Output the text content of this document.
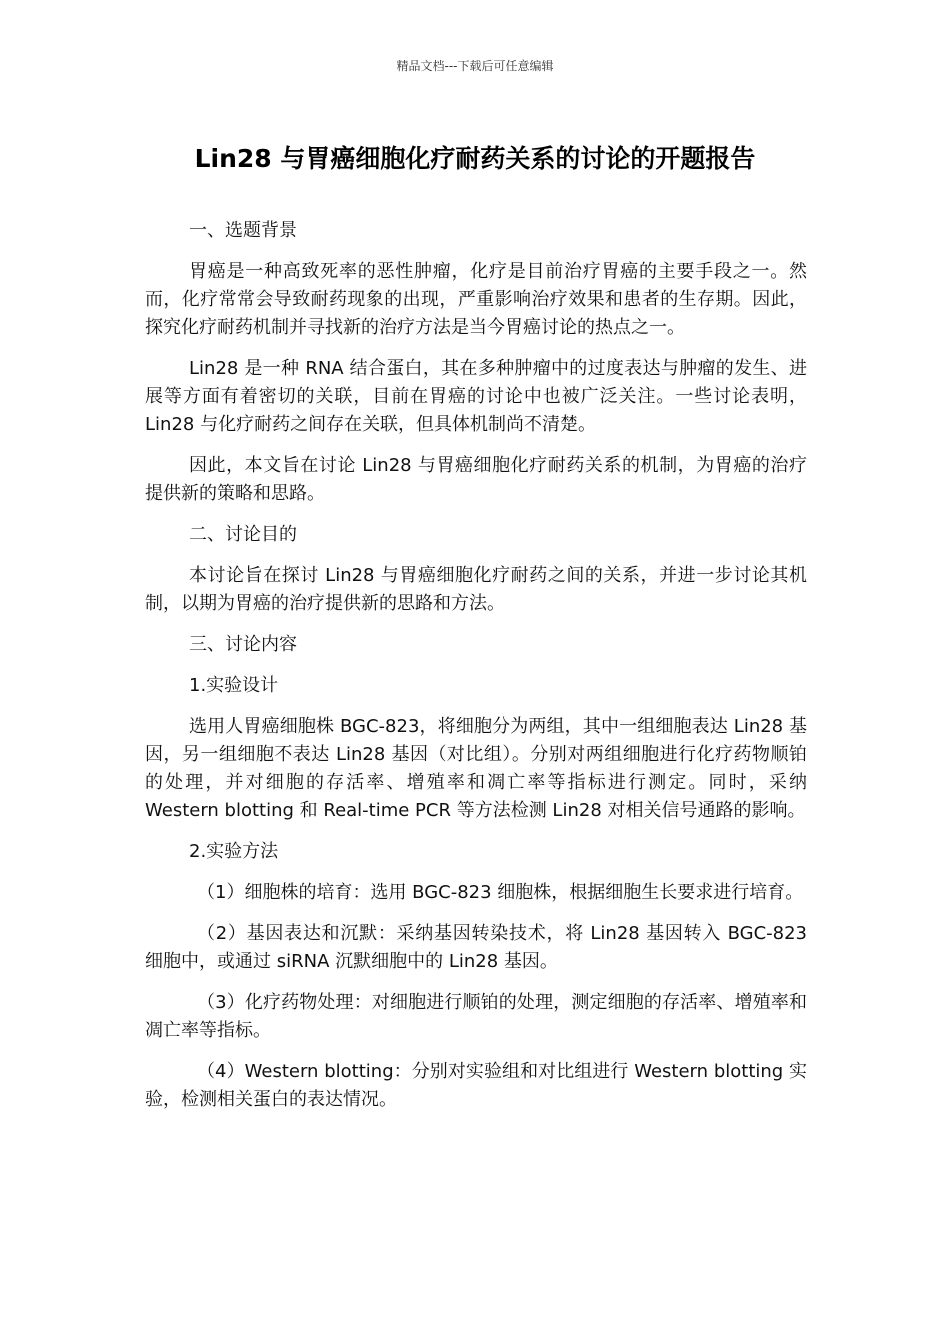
精品文档---下载后可任意编辑
Lin28 与胃癌细胞化疗耐药关系的讨论的开题报告
一、选题背景
胃癌是一种高致死率的恶性肿瘤，化疗是目前治疗胃癌的主要手段之一。然而，化疗常常会导致耐药现象的出现，严重影响治疗效果和患者的生存期。因此，探究化疗耐药机制并寻找新的治疗方法是当今胃癌讨论的热点之一。
Lin28 是一种 RNA 结合蛋白，其在多种肿瘤中的过度表达与肿瘤的发生、进展等方面有着密切的关联，目前在胃癌的讨论中也被广泛关注。一些讨论表明，Lin28 与化疗耐药之间存在关联，但具体机制尚不清楚。
因此，本文旨在讨论 Lin28 与胃癌细胞化疗耐药关系的机制，为胃癌的治疗提供新的策略和思路。
二、讨论目的
本讨论旨在探讨 Lin28 与胃癌细胞化疗耐药之间的关系，并进一步讨论其机制，以期为胃癌的治疗提供新的思路和方法。
三、讨论内容
1.实验设计
选用人胃癌细胞株 BGC-823，将细胞分为两组，其中一组细胞表达 Lin28 基因，另一组细胞不表达 Lin28 基因（对比组）。分别对两组细胞进行化疗药物顺铂的处理，并对细胞的存活率、增殖率和凋亡率等指标进行测定。同时，采纳 Western blotting 和 Real-time PCR 等方法检测 Lin28 对相关信号通路的影响。
2.实验方法
（1）细胞株的培育：选用 BGC-823 细胞株，根据细胞生长要求进行培育。
（2）基因表达和沉默：采纳基因转染技术，将 Lin28 基因转入 BGC-823 细胞中，或通过 siRNA 沉默细胞中的 Lin28 基因。
（3）化疗药物处理：对细胞进行顺铂的处理，测定细胞的存活率、增殖率和凋亡率等指标。
（4）Western blotting：分别对实验组和对比组进行 Western blotting 实验，检测相关蛋白的表达情况。
